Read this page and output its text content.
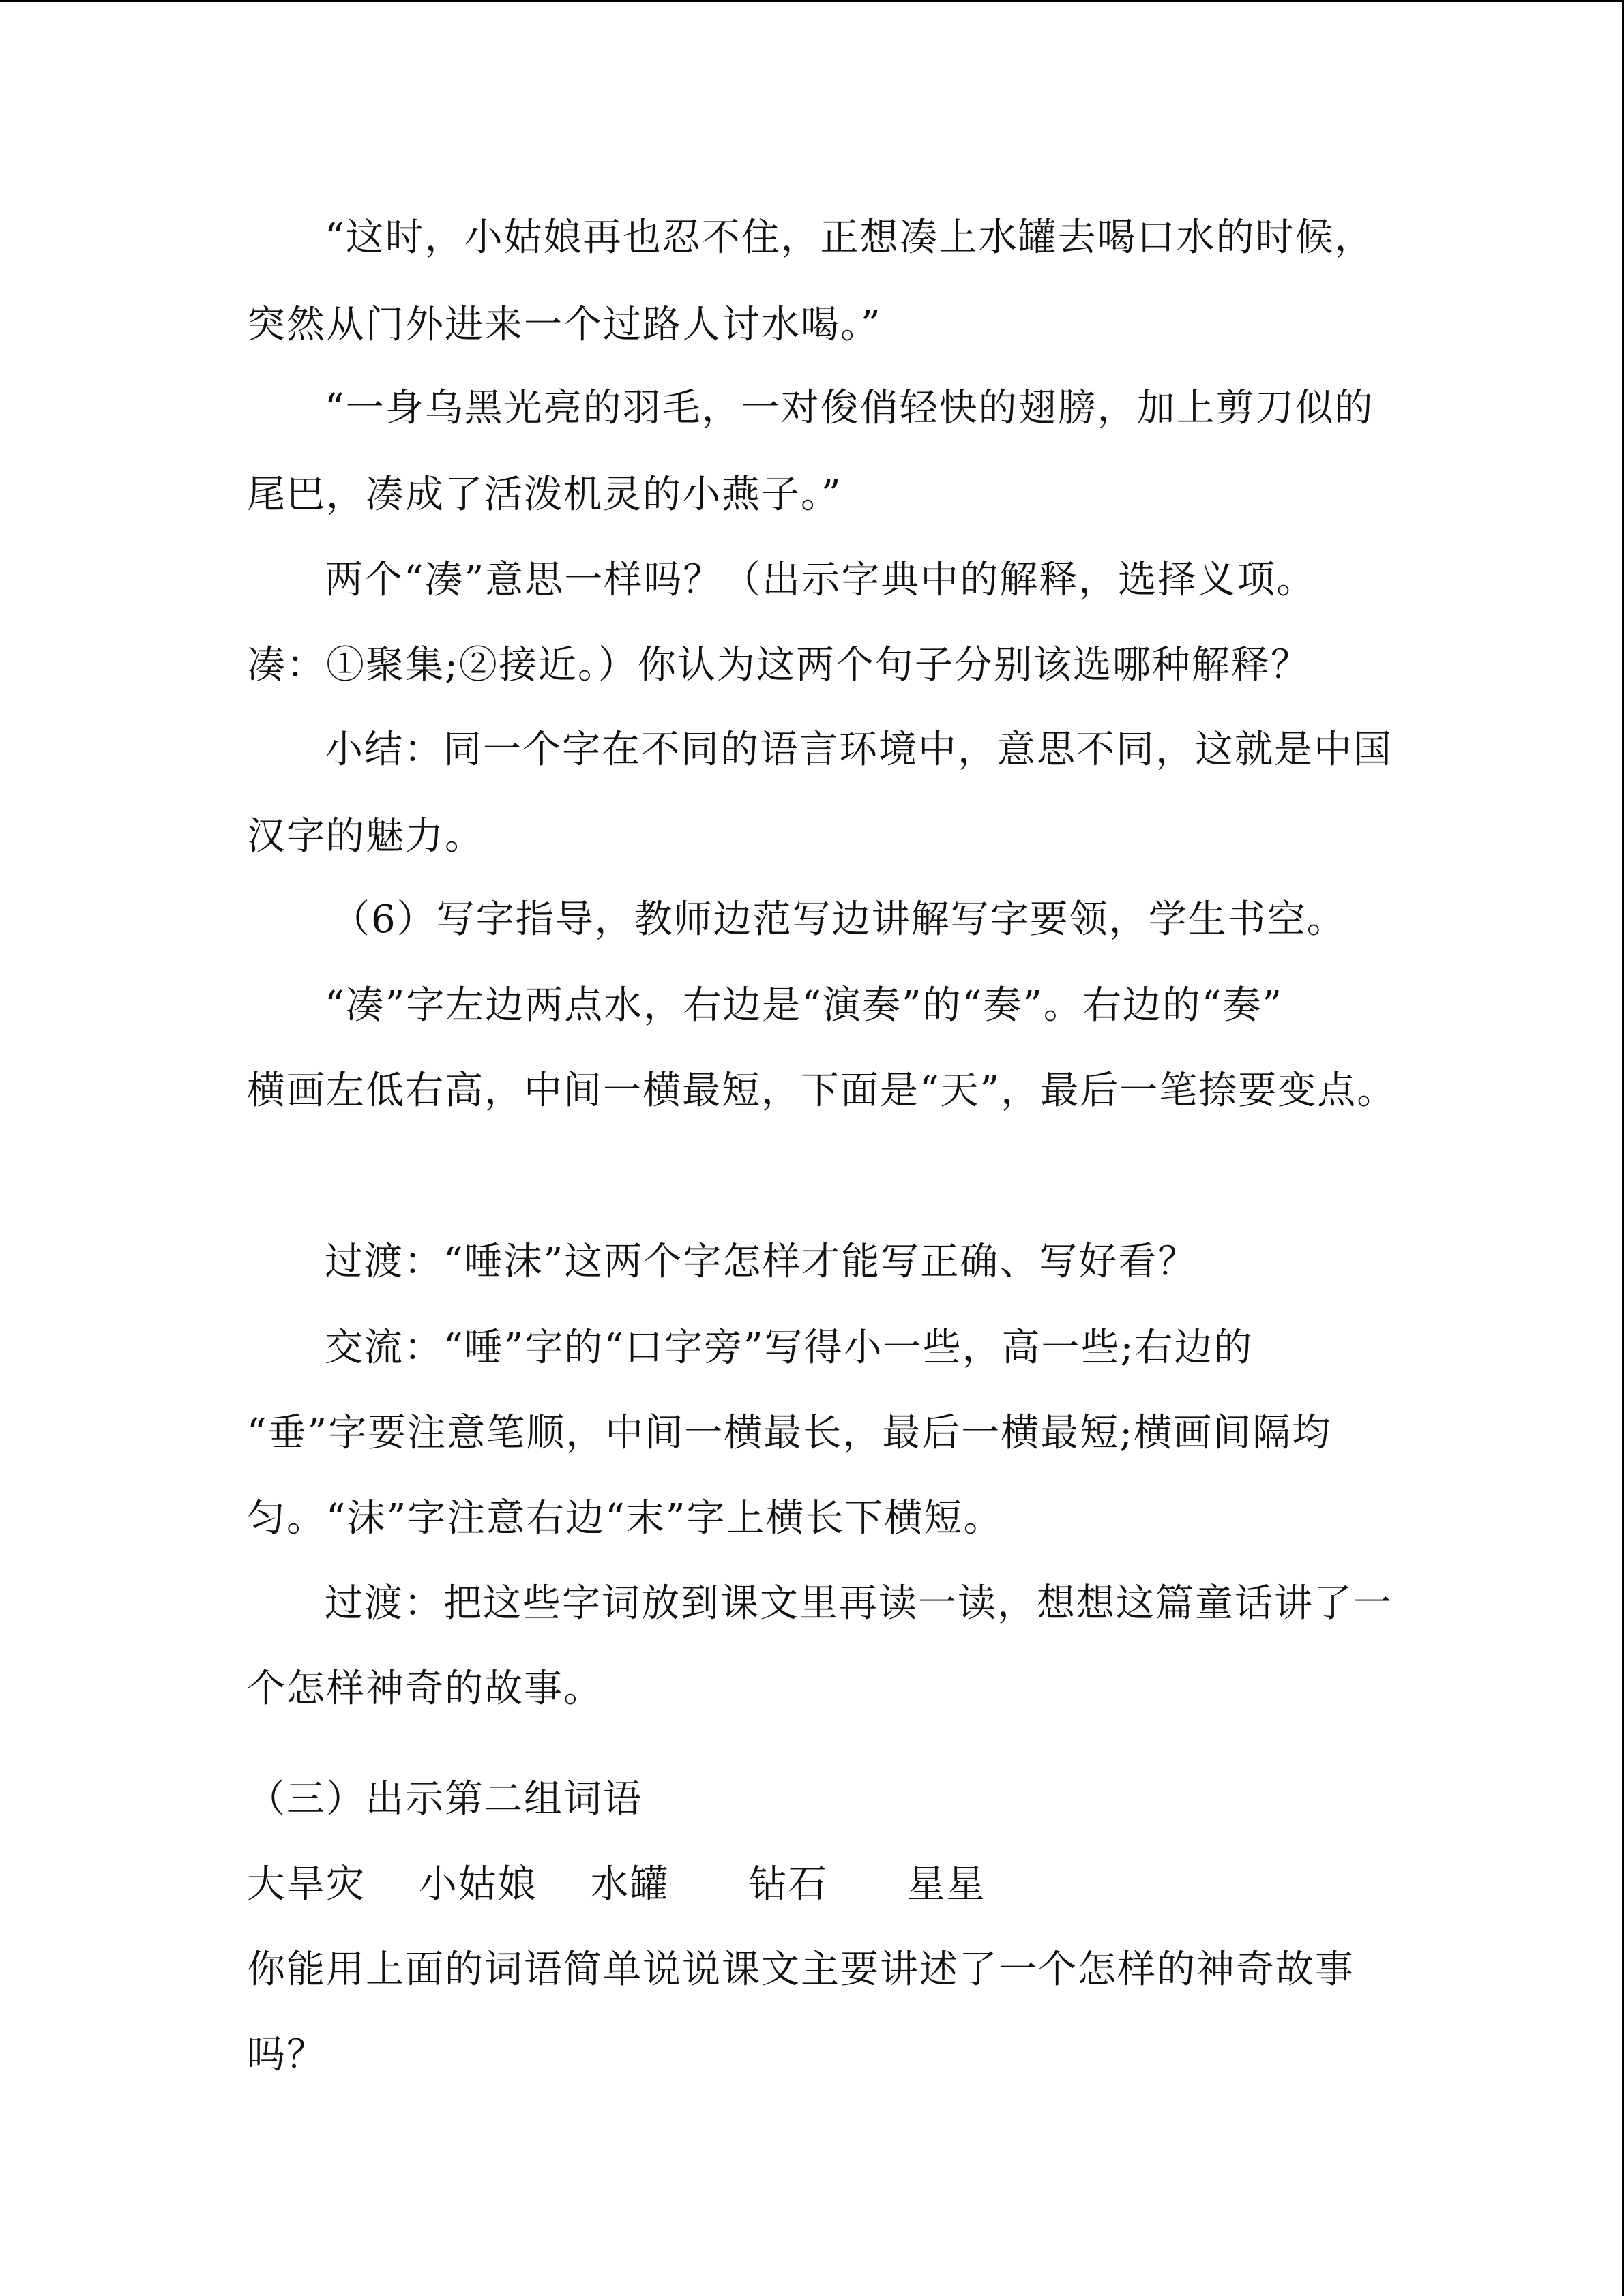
“这时，小姑娘再也忍不住，正想凑上水罐去喝口水的时候，
突然从门外进来一个过路人讨水喝。”
“一身乌黑光亮的羽毛，一对俊俏轻快的翅膀，加上剪刀似的
尾巴，凑成了活泼机灵的小燕子。”
两个“凑”意思一样吗？（出示字典中的解释，选择义项。
凑：①聚集;②接近。）你认为这两个句子分别该选哪种解释？
小结：同一个字在不同的语言环境中，意思不同，这就是中国
汉字的魅力。
（6）写字指导，教师边范写边讲解写字要领，学生书空。
“凑”字左边两点水，右边是“演奏”的“奏”。右边的“奏”
横画左低右高，中间一横最短，下面是“天”，最后一笔捺要变点。
过渡：“唾沫”这两个字怎样才能写正确、写好看？
交流：“唾”字的“口字旁”写得小一些，高一些;右边的
“垂”字要注意笔顺，中间一横最长，最后一横最短;横画间隔均
匀。“沫”字注意右边“末”字上横长下横短。
过渡：把这些字词放到课文里再读一读，想想这篇童话讲了一
个怎样神奇的故事。
（三）出示第二组词语
大旱灾　 小姑娘　 水罐　　钻石　　星星
你能用上面的词语简单说说课文主要讲述了一个怎样的神奇故事
吗？
